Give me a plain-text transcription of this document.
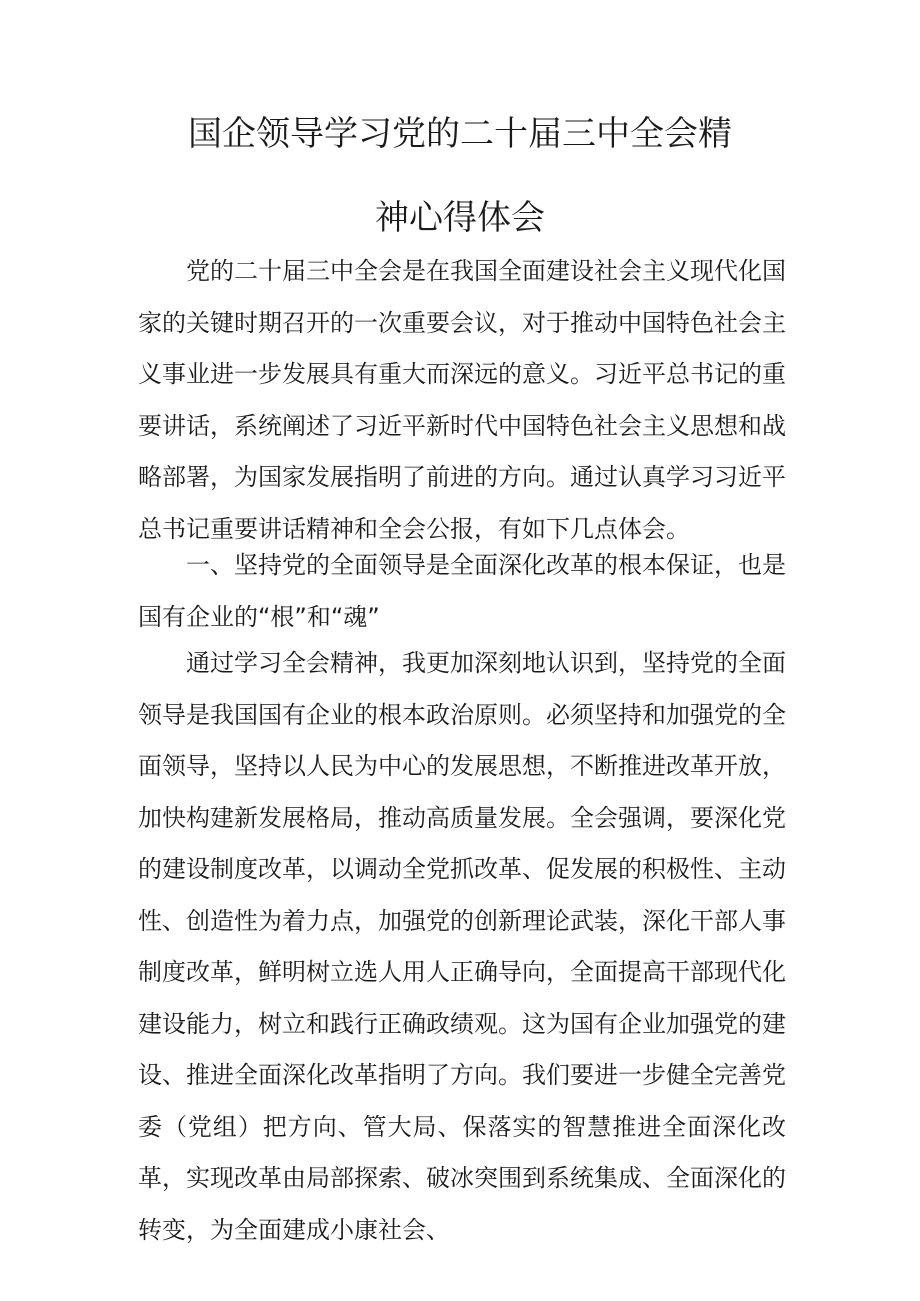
国企领导学习党的二十届三中全会精
神心得体会

党的二十届三中全会是在我国全面建设社会主义现代化国家的关键时期召开的一次重要会议，对于推动中国特色社会主义事业进一步发展具有重大而深远的意义。习近平总书记的重要讲话，系统阐述了习近平新时代中国特色社会主义思想和战略部署，为国家发展指明了前进的方向。通过认真学习习近平总书记重要讲话精神和全会公报，有如下几点体会。

一、坚持党的全面领导是全面深化改革的根本保证，也是国有企业的“根”和“魂”

通过学习全会精神，我更加深刻地认识到，坚持党的全面领导是我国国有企业的根本政治原则。必须坚持和加强党的全面领导，坚持以人民为中心的发展思想，不断推进改革开放，加快构建新发展格局，推动高质量发展。全会强调，要深化党的建设制度改革，以调动全党抓改革、促发展的积极性、主动性、创造性为着力点，加强党的创新理论武装，深化干部人事制度改革，鲜明树立选人用人正确导向，全面提高干部现代化建设能力，树立和践行正确政绩观。这为国有企业加强党的建设、推进全面深化改革指明了方向。我们要进一步健全完善党委（党组）把方向、管大局、保落实的智慧推进全面深化改革，实现改革由局部探索、破冰突围到系统集成、全面深化的转变，为全面建成小康社会、
